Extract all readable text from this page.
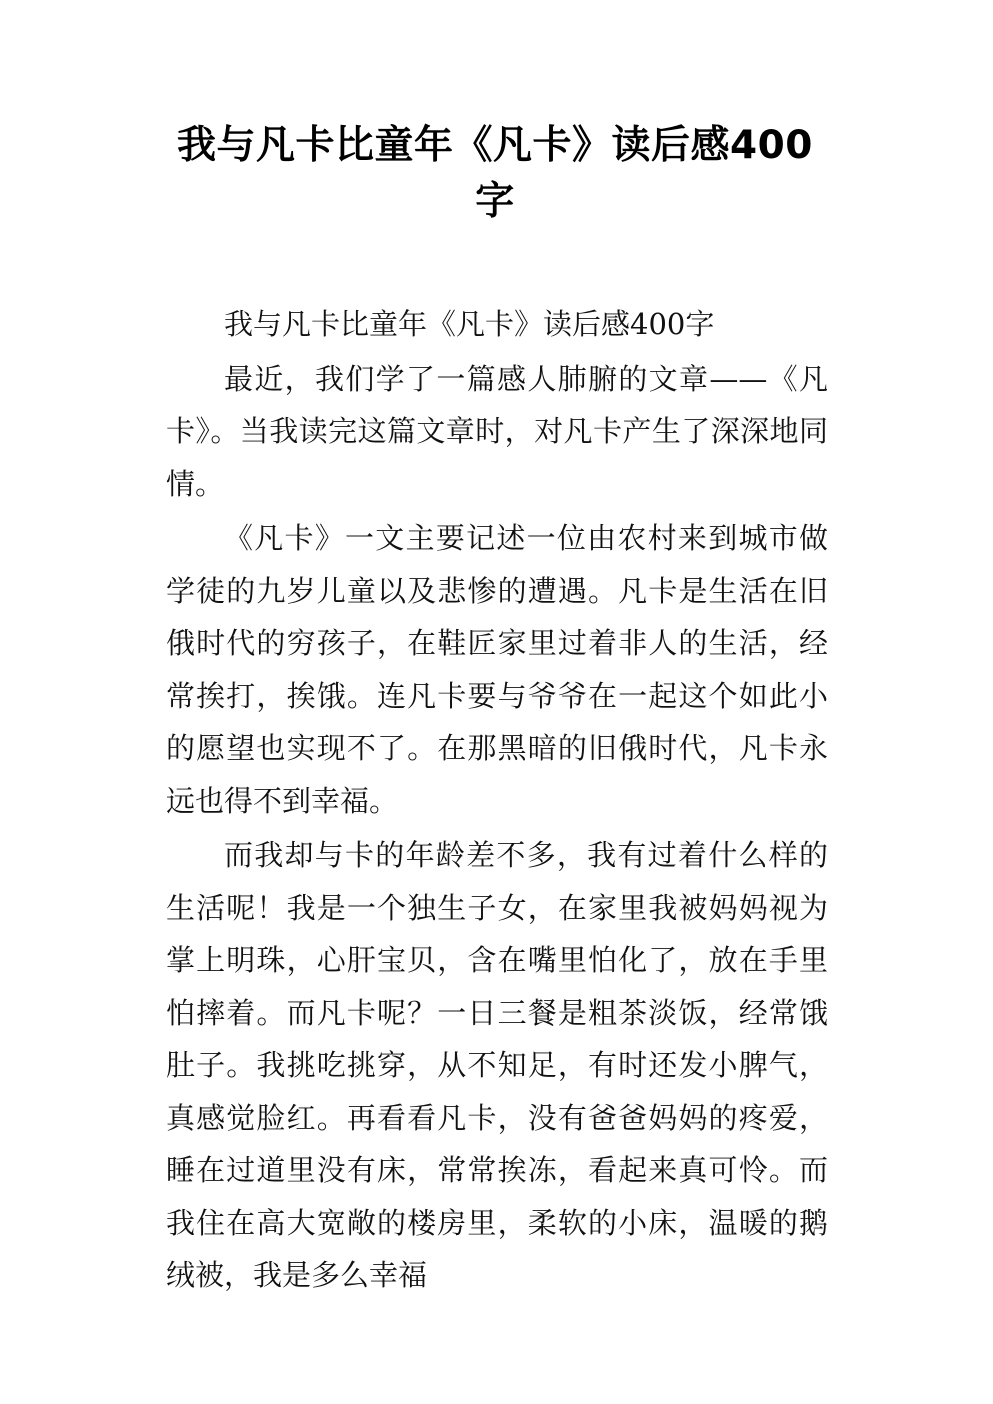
我与凡卡比童年《凡卡》读后感400字

我与凡卡比童年《凡卡》读后感400字

最近，我们学了一篇感人肺腑的文章——《凡卡》。当我读完这篇文章时，对凡卡产生了深深地同情。

《凡卡》一文主要记述一位由农村来到城市做学徒的九岁儿童以及悲惨的遭遇。凡卡是生活在旧俄时代的穷孩子，在鞋匠家里过着非人的生活，经常挨打，挨饿。连凡卡要与爷爷在一起这个如此小的愿望也实现不了。在那黑暗的旧俄时代，凡卡永远也得不到幸福。

而我却与卡的年龄差不多，我有过着什么样的生活呢！我是一个独生子女，在家里我被妈妈视为掌上明珠，心肝宝贝，含在嘴里怕化了，放在手里怕摔着。而凡卡呢？一日三餐是粗茶淡饭，经常饿肚子。我挑吃挑穿，从不知足，有时还发小脾气，真感觉脸红。再看看凡卡，没有爸爸妈妈的疼爱，睡在过道里没有床，常常挨冻，看起来真可怜。而我住在高大宽敞的楼房里，柔软的小床，温暖的鹅绒被，我是多么幸福
